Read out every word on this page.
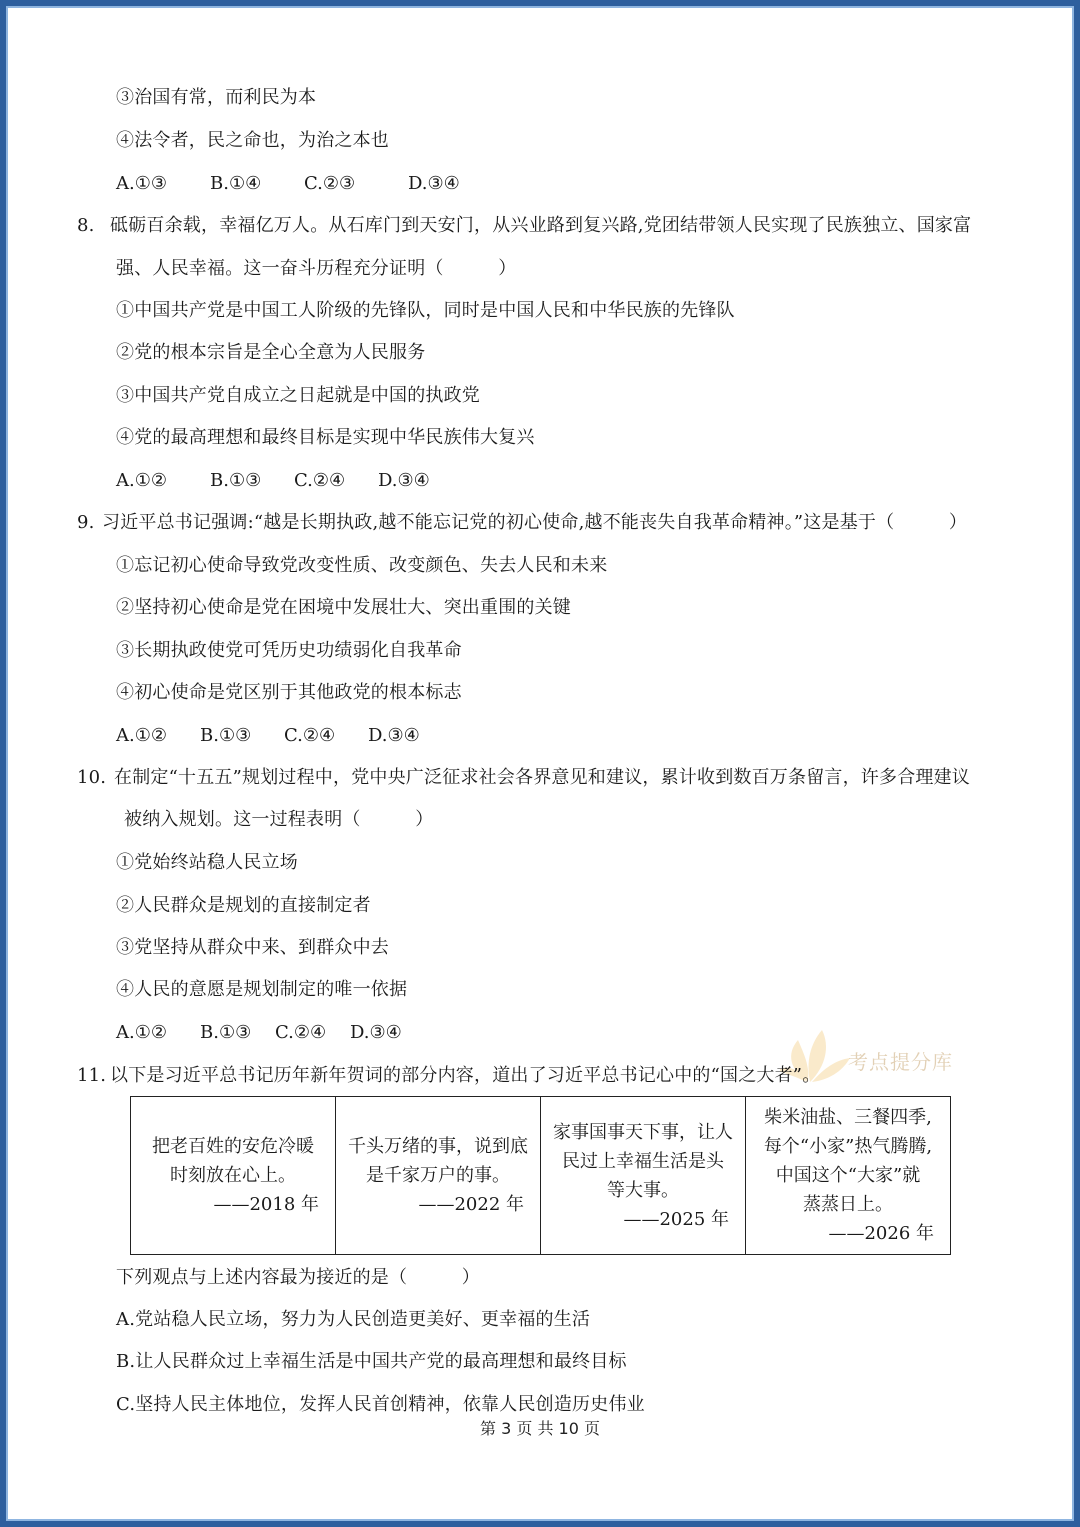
③治国有常，而利民为本
④法令者，民之命也，为治之本也
A.①③ B.①④ C.②③	D.③④
8. 砥砺百余载，幸福亿万人。从石库门到天安门，从兴业路到复兴路,党团结带领人民实现了民族独立、国家富
强、人民幸福。这一奋斗历程充分证明（　　　）
①中国共产党是中国工人阶级的先锋队，同时是中国人民和中华民族的先锋队
②党的根本宗旨是全心全意为人民服务
③中国共产党自成立之日起就是中国的执政党
④党的最高理想和最终目标是实现中华民族伟大复兴
A.①② B.①③ C.②④ D.③④
9. 习近平总书记强调:“越是长期执政,越不能忘记党的初心使命,越不能丧失自我革命精神。”这是基于（　　　）
①忘记初心使命导致党改变性质、改变颜色、失去人民和未来
②坚持初心使命是党在困境中发展壮大、突出重围的关键
③长期执政使党可凭历史功绩弱化自我革命
④初心使命是党区别于其他政党的根本标志
A.①② B.①③ C.②④ D.③④
10. 在制定“十五五”规划过程中，党中央广泛征求社会各界意见和建议，累计收到数百万条留言，许多合理建议
被纳入规划。这一过程表明（　　　）
①党始终站稳人民立场
②人民群众是规划的直接制定者
③党坚持从群众中来、到群众中去
④人民的意愿是规划制定的唯一依据
A.①② B.①③ C.②④ D.③④
考点提分库
11. 以下是习近平总书记历年新年贺词的部分内容，道出了习近平总书记心中的“国之大者”。
把老百姓的安危冷暖
时刻放在心上。
——2018 年

千头万绪的事，说到底
是千家万户的事。
——2022 年

家事国事天下事，让人
民过上幸福生活是头
等大事。
——2025 年

柴米油盐、三餐四季,
每个“小家”热气腾腾,
中国这个“大家”就
蒸蒸日上。
——2026 年
下列观点与上述内容最为接近的是（　　　）
A.党站稳人民立场，努力为人民创造更美好、更幸福的生活
B.让人民群众过上幸福生活是中国共产党的最高理想和最终目标
C.坚持人民主体地位，发挥人民首创精神，依靠人民创造历史伟业
第 3 页 共 10 页
